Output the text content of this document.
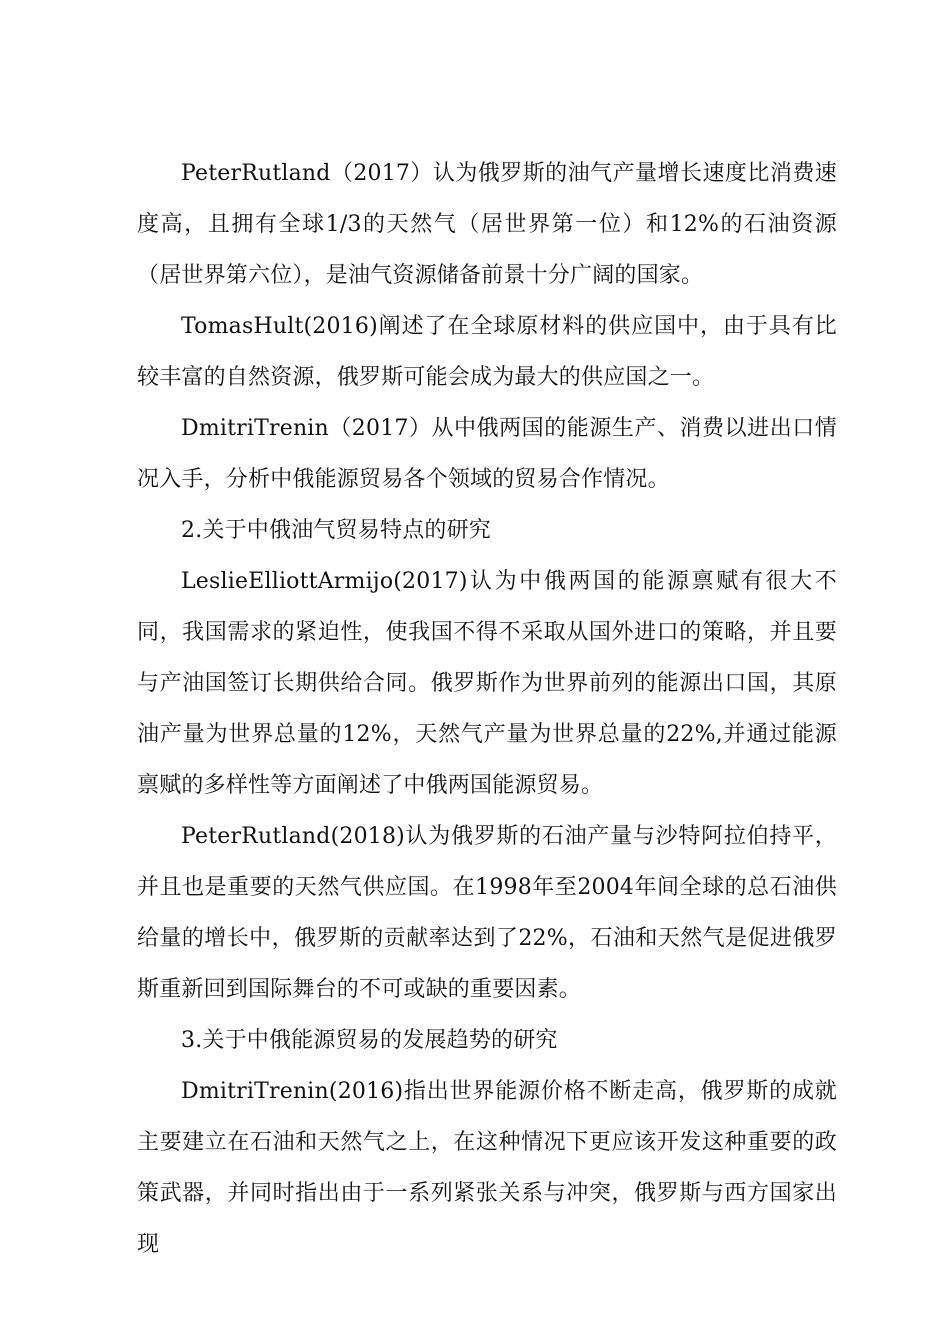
PeterRutland（2017）认为俄罗斯的油气产量增长速度比消费速度高，且拥有全球1/3的天然气（居世界第一位）和12%的石油资源（居世界第六位），是油气资源储备前景十分广阔的国家。

TomasHult(2016)阐述了在全球原材料的供应国中，由于具有比较丰富的自然资源，俄罗斯可能会成为最大的供应国之一。

DmitriTrenin（2017）从中俄两国的能源生产、消费以进出口情况入手，分析中俄能源贸易各个领域的贸易合作情况。

2.关于中俄油气贸易特点的研究

LeslieElliottArmijo(2017)认为中俄两国的能源禀赋有很大不同，我国需求的紧迫性，使我国不得不采取从国外进口的策略，并且要与产油国签订长期供给合同。俄罗斯作为世界前列的能源出口国，其原油产量为世界总量的12%，天然气产量为世界总量的22%,并通过能源禀赋的多样性等方面阐述了中俄两国能源贸易。

PeterRutland(2018)认为俄罗斯的石油产量与沙特阿拉伯持平，并且也是重要的天然气供应国。在1998年至2004年间全球的总石油供给量的增长中，俄罗斯的贡献率达到了22%，石油和天然气是促进俄罗斯重新回到国际舞台的不可或缺的重要因素。

3.关于中俄能源贸易的发展趋势的研究

DmitriTrenin(2016)指出世界能源价格不断走高，俄罗斯的成就主要建立在石油和天然气之上，在这种情况下更应该开发这种重要的政策武器，并同时指出由于一系列紧张关系与冲突，俄罗斯与西方国家出现
